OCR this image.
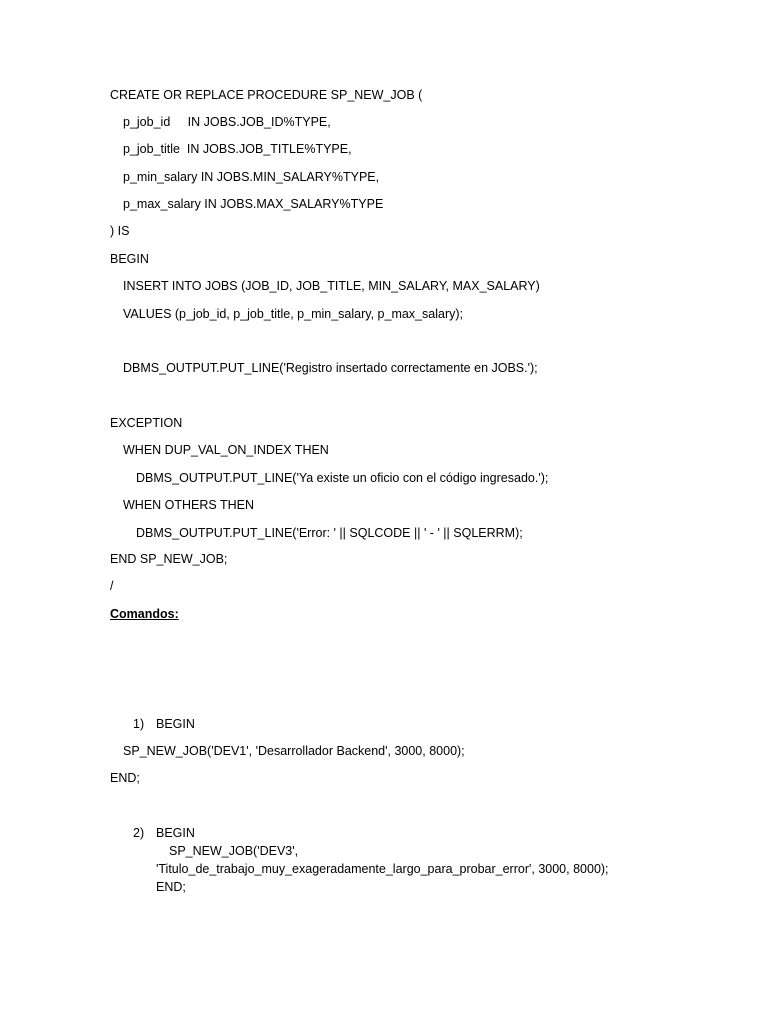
CREATE OR REPLACE PROCEDURE SP_NEW_JOB (

p_job_id     IN JOBS.JOB_ID%TYPE,

p_job_title  IN JOBS.JOB_TITLE%TYPE,

p_min_salary IN JOBS.MIN_SALARY%TYPE,

p_max_salary IN JOBS.MAX_SALARY%TYPE

) IS

BEGIN

INSERT INTO JOBS (JOB_ID, JOB_TITLE, MIN_SALARY, MAX_SALARY)

VALUES (p_job_id, p_job_title, p_min_salary, p_max_salary);

DBMS_OUTPUT.PUT_LINE('Registro insertado correctamente en JOBS.');

EXCEPTION

WHEN DUP_VAL_ON_INDEX THEN

DBMS_OUTPUT.PUT_LINE('Ya existe un oficio con el código ingresado.');

WHEN OTHERS THEN

DBMS_OUTPUT.PUT_LINE('Error: ' || SQLCODE || ' - ' || SQLERRM);

END SP_NEW_JOB;

/

Comandos:

1) BEGIN

SP_NEW_JOB('DEV1', 'Desarrollador Backend', 3000, 8000);

END;

2) BEGIN

SP_NEW_JOB('DEV3',

'Titulo_de_trabajo_muy_exageradamente_largo_para_probar_error', 3000, 8000);

END;
